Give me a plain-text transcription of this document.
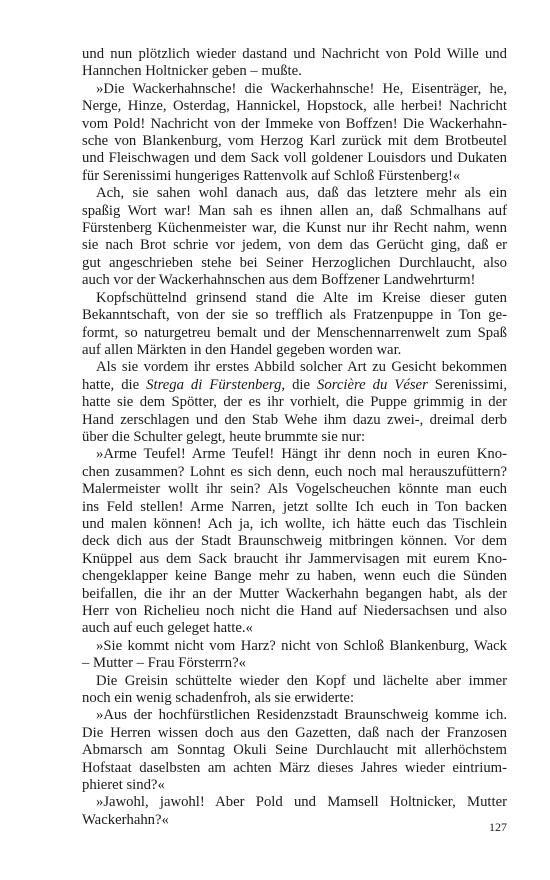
und nun plötzlich wieder dastand und Nachricht von Pold Wille und
Hannchen Holtnicker geben – mußte.
»Die Wackerhahnsche! die Wackerhahnsche! He, Eisenträger, he,
Nerge, Hinze, Osterdag, Hannickel, Hopstock, alle herbei! Nachricht
vom Pold! Nachricht von der Immeke von Boffzen! Die Wackerhahn-
sche von Blankenburg, vom Herzog Karl zurück mit dem Brotbeutel
und Fleischwagen und dem Sack voll goldener Louisdors und Dukaten
für Serenissimi hungeriges Rattenvolk auf Schloß Fürstenberg!«
Ach, sie sahen wohl danach aus, daß das letztere mehr als ein
spaßig Wort war! Man sah es ihnen allen an, daß Schmalhans auf
Fürstenberg Küchenmeister war, die Kunst nur ihr Recht nahm, wenn
sie nach Brot schrie vor jedem, von dem das Gerücht ging, daß er
gut angeschrieben stehe bei Seiner Herzoglichen Durchlaucht, also
auch vor der Wackerhahnschen aus dem Boffzener Landwehrturm!
Kopfschüttelnd grinsend stand die Alte im Kreise dieser guten
Bekanntschaft, von der sie so trefflich als Fratzenpuppe in Ton ge-
formt, so naturgetreu bemalt und der Menschennarrenwelt zum Spaß
auf allen Märkten in den Handel gegeben worden war.
Als sie vordem ihr erstes Abbild solcher Art zu Gesicht bekommen
hatte, die Strega di Fürstenberg, die Sorcière du Véser Serenissimi,
hatte sie dem Spötter, der es ihr vorhielt, die Puppe grimmig in der
Hand zerschlagen und den Stab Wehe ihm dazu zwei-, dreimal derb
über die Schulter gelegt, heute brummte sie nur:
»Arme Teufel! Arme Teufel! Hängt ihr denn noch in euren Kno-
chen zusammen? Lohnt es sich denn, euch noch mal herauszufüttern?
Malermeister wollt ihr sein? Als Vogelscheuchen könnte man euch
ins Feld stellen! Arme Narren, jetzt sollte Ich euch in Ton backen
und malen können! Ach ja, ich wollte, ich hätte euch das Tischlein
deck dich aus der Stadt Braunschweig mitbringen können. Vor dem
Knüppel aus dem Sack braucht ihr Jammervisagen mit eurem Kno-
chengeklapper keine Bange mehr zu haben, wenn euch die Sünden
beifallen, die ihr an der Mutter Wackerhahn begangen habt, als der
Herr von Richelieu noch nicht die Hand auf Niedersachsen und also
auch auf euch geleget hatte.«
»Sie kommt nicht vom Harz? nicht von Schloß Blankenburg, Wack
– Mutter – Frau Försterrn?«
Die Greisin schüttelte wieder den Kopf und lächelte aber immer
noch ein wenig schadenfroh, als sie erwiderte:
»Aus der hochfürstlichen Residenzstadt Braunschweig komme ich.
Die Herren wissen doch aus den Gazetten, daß nach der Franzosen
Abmarsch am Sonntag Okuli Seine Durchlaucht mit allerhöchstem
Hofstaat daselbsten am achten März dieses Jahres wieder eintrium-
phieret sind?«
»Jawohl, jawohl! Aber Pold und Mamsell Holtnicker, Mutter
Wackerhahn?«	127
